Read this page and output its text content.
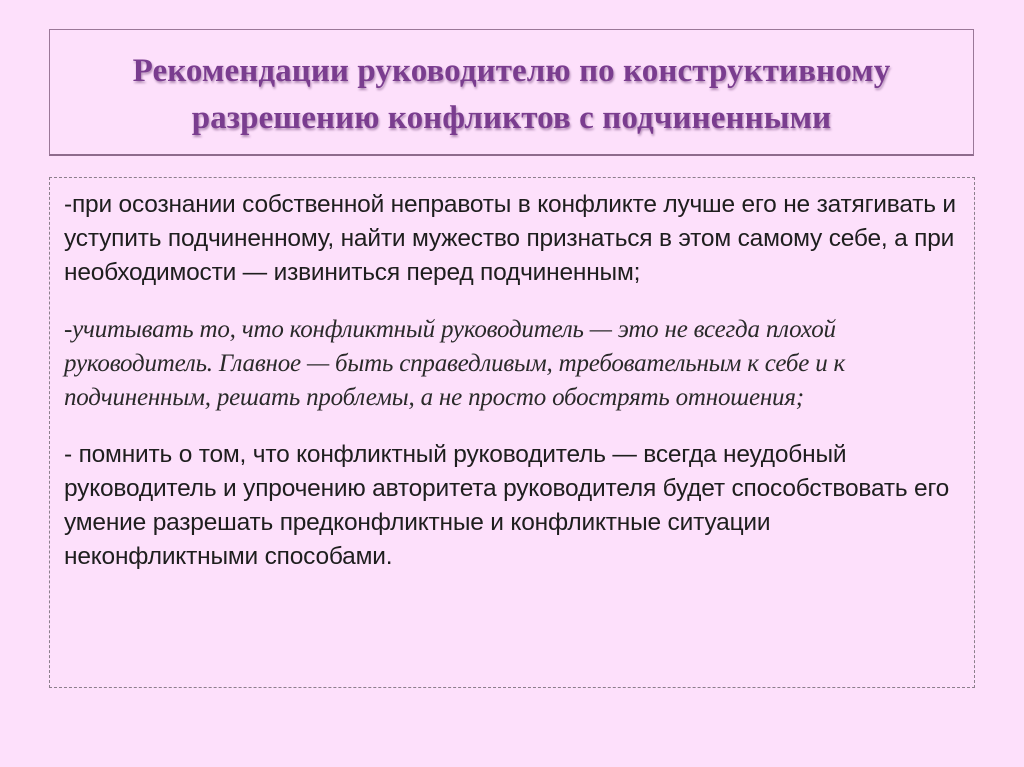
Рекомендации руководителю по конструктивному разрешению конфликтов с подчиненными

-при осознании собственной неправоты в конфликте лучше его не затягивать и уступить подчиненному, найти мужество признаться в этом самому себе, а при необходимости — извиниться перед подчиненным;

-учитывать то, что конфликтный руководитель — это не всегда плохой руководитель. Главное — быть справедливым, требовательным к себе и к подчиненным, решать проблемы, а не просто обострять отношения;

- помнить о том, что конфликтный руководитель — всегда неудобный руководитель и упрочению авторитета руководителя будет способствовать его умение разрешать предконфликтные и конфликтные ситуации неконфликтными способами.
